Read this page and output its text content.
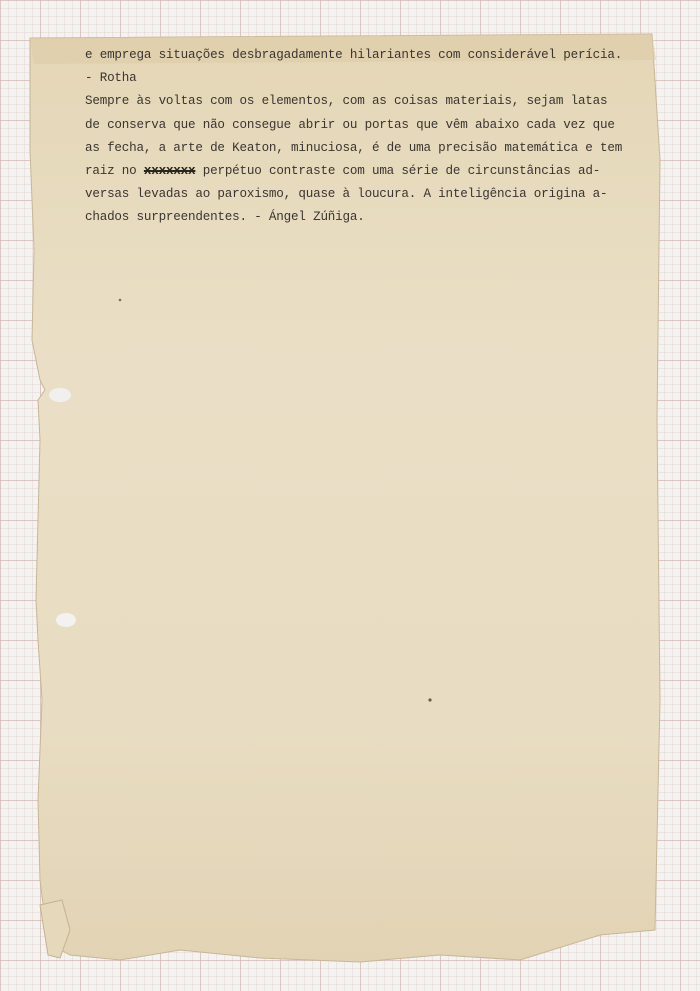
e emprega situações desbragadamente hilariantes com considerável perícia.
- Rotha
Sempre às voltas com os elementos, com as coisas materiais, sejam latas
de conserva que não consegue abrir ou portas que vêm abaixo cada vez que
as fecha, a arte de Keaton, minuciosa, é de uma precisão matemática e tem
raiz no xxxxxxx perpétuo contraste com uma série de circunstâncias ad-
versas levadas ao paroxismo, quase à loucura. A inteligência origina a-
chados surpreendentes. - Ángel Zúñiga.
